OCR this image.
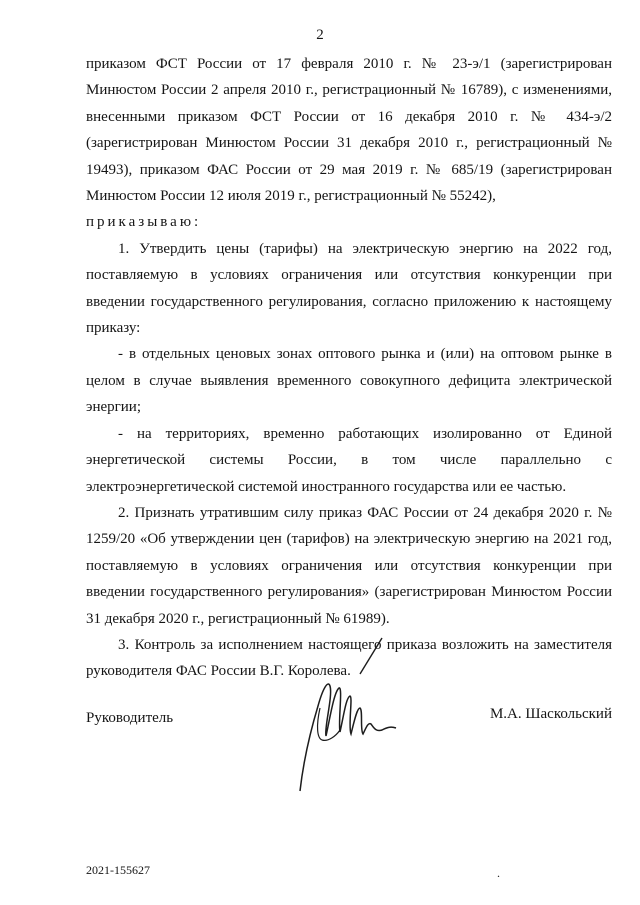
2

приказом ФСТ России от 17 февраля 2010 г. № 23-э/1 (зарегистрирован Минюстом России 2 апреля 2010 г., регистрационный № 16789), с изменениями, внесенными приказом ФСТ России от 16 декабря 2010 г. № 434-э/2 (зарегистрирован Минюстом России 31 декабря 2010 г., регистрационный № 19493), приказом ФАС России от 29 мая 2019 г. № 685/19 (зарегистрирован Минюстом России 12 июля 2019 г., регистрационный № 55242),

приказываю:

1. Утвердить цены (тарифы) на электрическую энергию на 2022 год, поставляемую в условиях ограничения или отсутствия конкуренции при введении государственного регулирования, согласно приложению к настоящему приказу:

- в отдельных ценовых зонах оптового рынка и (или) на оптовом рынке в целом в случае выявления временного совокупного дефицита электрической энергии;

- на территориях, временно работающих изолированно от Единой энергетической системы России, в том числе параллельно с электроэнергетической системой иностранного государства или ее частью.

2. Признать утратившим силу приказ ФАС России от 24 декабря 2020 г. № 1259/20 «Об утверждении цен (тарифов) на электрическую энергию на 2021 год, поставляемую в условиях ограничения или отсутствия конкуренции при введении государственного регулирования» (зарегистрирован Минюстом России 31 декабря 2020 г., регистрационный № 61989).

3. Контроль за исполнением настоящего приказа возложить на заместителя руководителя ФАС России В.Г. Королева.

Руководитель	М.А. Шаскольский
2021-155627	.
